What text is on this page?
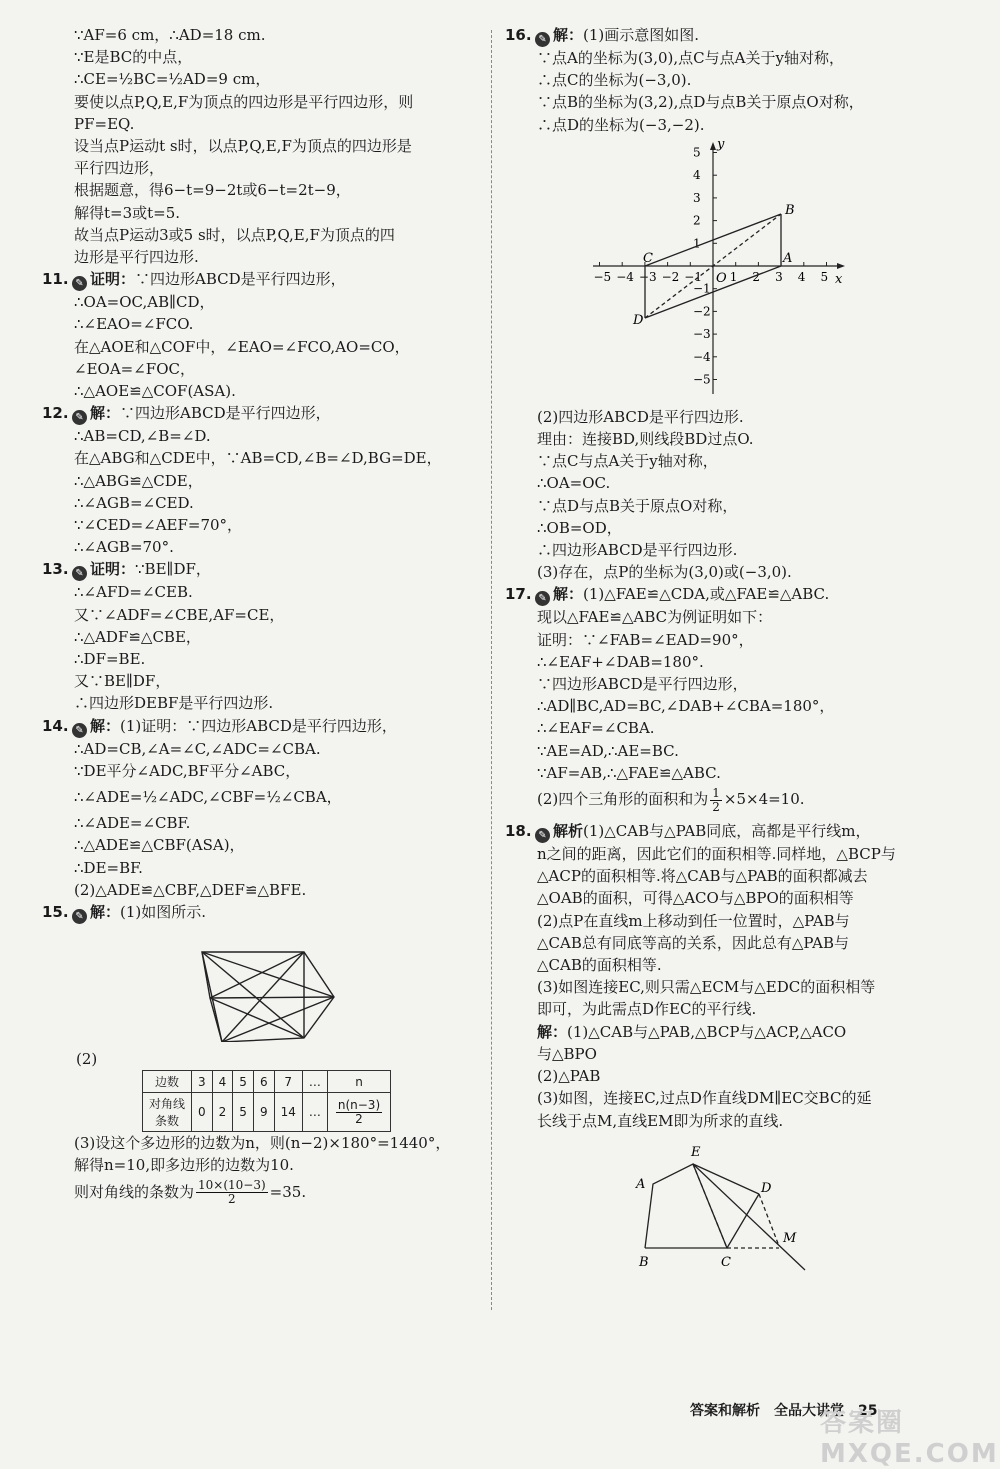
∵AF=6 cm，∴AD=18 cm.
∵E是BC的中点，
∴CE=½BC=½AD=9 cm，
要使以点P,Q,E,F为顶点的四边形是平行四边形，则
PF=EQ.
设当点P运动t s时，以点P,Q,E,F为顶点的四边形是
平行四边形，
根据题意，得6−t=9−2t或6−t=2t−9，
解得t=3或t=5.
故当点P运动3或5 s时，以点P,Q,E,F为顶点的四
边形是平行四边形.
11. ✎ 证明：∵四边形ABCD是平行四边形，
∴OA=OC,AB∥CD，
∴∠EAO=∠FCO.
在△AOE和△COF中，∠EAO=∠FCO,AO=CO，
∠EOA=∠FOC，
∴△AOE≌△COF(ASA).
12. ✎ 解：∵四边形ABCD是平行四边形，
∴AB=CD,∠B=∠D.
在△ABG和△CDE中，∵AB=CD,∠B=∠D,BG=DE，
∴△ABG≌△CDE，
∴∠AGB=∠CED.
∵∠CED=∠AEF=70°，
∴∠AGB=70°.
13. ✎ 证明：∵BE∥DF，
∴∠AFD=∠CEB.
又∵∠ADF=∠CBE,AF=CE，
∴△ADF≌△CBE，
∴DF=BE.
又∵BE∥DF，
∴四边形DEBF是平行四边形.
14. ✎ 解：(1)证明：∵四边形ABCD是平行四边形，
∴AD=CB,∠A=∠C,∠ADC=∠CBA.
∵DE平分∠ADC,BF平分∠ABC，
∴∠ADE=½∠ADC,∠CBF=½∠CBA，
∴∠ADE=∠CBF.
∴△ADE≌△CBF(ASA)，
∴DE=BF.
(2)△ADE≌△CBF,△DEF≌△BFE.
15. ✎ 解：(1)如图所示.
(2)
边数	3	4	5	6	7	…	n
对角线
条数	0	2	5	9	14	…	$\frac{n(n-3)}{2}$
(3)设这个多边形的边数为n，则(n−2)×180°=1440°，
解得n=10,即多边形的边数为10.
则对角线的条数为 $\frac{10\times(10-3)}{2} =35$.
16. ✎ 解：(1)画示意图如图.
∵点A的坐标为(3,0),点C与点A关于y轴对称，
∴点C的坐标为(−3,0).
∵点B的坐标为(3,2),点D与点B关于原点O对称，
∴点D的坐标为(−3,−2).
−5 −4 −3 −2 −1 1 2 3 4 5
5
4
3
2
1
−1
−2
−3
−4
−5
y
x
O
A
B
C
D
(2)四边形ABCD是平行四边形.
理由：连接BD,则线段BD过点O.
∵点C与点A关于y轴对称，
∴OA=OC.
∵点D与点B关于原点O对称，
∴OB=OD，
∴四边形ABCD是平行四边形.
(3)存在，点P的坐标为(3,0)或(−3,0).
17. ✎ 解：(1)△FAE≌△CDA,或△FAE≌△ABC.
现以△FAE≌△ABC为例证明如下：
证明：∵∠FAB=∠EAD=90°，
∴∠EAF+∠DAB=180°.
∵四边形ABCD是平行四边形，
∴AD∥BC,AD=BC,∠DAB+∠CBA=180°，
∴∠EAF=∠CBA.
∵AE=AD,∴AE=BC.
∵AF=AB,∴△FAE≌△ABC.
(2)四个三角形的面积和为 $\frac{1}{2} \times 5\times 4=10$.
18. ✎ 解析(1)△CAB与△PAB同底，高都是平行线m，
n之间的距离，因此它们的面积相等.同样地，△BCP与
△ACP的面积相等.将△CAB与△PAB的面积都减去
△OAB的面积，可得△ACO与△BPO的面积相等
(2)点P在直线m上移动到任一位置时，△PAB与
△CAB总有同底等高的关系，因此总有△PAB与
△CAB的面积相等.
(3)如图连接EC,则只需△ECM与△EDC的面积相等
即可，为此需点D作EC的平行线.
解：(1)△CAB与△PAB,△BCP与△ACP,△ACO
与△BPO
(2)△PAB
(3)如图，连接EC,过点D作直线DM∥EC交BC的延
长线于点M,直线EM即为所求的直线.
E
A	D
M
B	C
答案和解析　全品大讲堂　25
答案圈 MXQE.COM
